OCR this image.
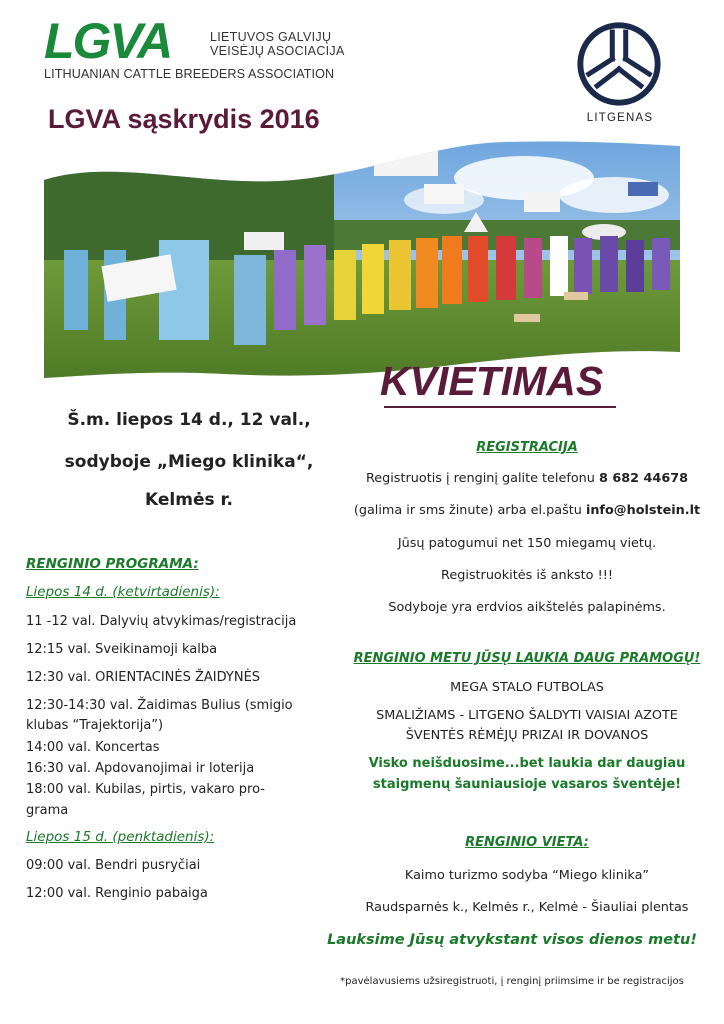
LGVA	LIETUVOS GALVIJŲ
VEISĖJŲ ASOCIACIJA
LITHUANIAN CATTLE BREEDERS ASSOCIATION
LITGENAS
LGVA sąskrydis 2016
KVIETIMAS
Š.m. liepos 14 d., 12 val.,
sodyboje „Miego klinika“,
Kelmės r.
RENGINIO PROGRAMA:
Liepos 14 d. (ketvirtadienis):
11 -12 val. Dalyvių atvykimas/registracija
12:15 val. Sveikinamoji kalba
12:30 val. ORIENTACINĖS ŽAIDYNĖS
12:30-14:30 val. Žaidimas Bulius (smigio
klubas “Trajektorija”)
14:00 val. Koncertas
16:30 val. Apdovanojimai ir loterija
18:00 val. Kubilas, pirtis, vakaro pro-
grama
Liepos 15 d. (penktadienis):
09:00 val. Bendri pusryčiai
12:00 val. Renginio pabaiga
REGISTRACIJA
Registruotis į renginį galite telefonu 8 682 44678
(galima ir sms žinute) arba el.paštu info@holstein.lt
Jūsų patogumui net 150 miegamų vietų.
Registruokitės iš anksto !!!
Sodyboje yra erdvios aikštelės palapinėms.
RENGINIO METU JŪSŲ LAUKIA DAUG PRAMOGŲ!
MEGA STALO FUTBOLAS
SMALIŽIAMS - LITGENO ŠALDYTI VAISIAI AZOTE
ŠVENTĖS RĖMĖJŲ PRIZAI IR DOVANOS
Visko neišduosime...bet laukia dar daugiau
staigmenų šauniausioje vasaros šventėje!
RENGINIO VIETA:
Kaimo turizmo sodyba “Miego klinika”
Raudsparnės k., Kelmės r., Kelmė - Šiauliai plentas
Lauksime Jūsų atvykstant visos dienos metu!
*pavėlavusiems užsiregistruoti, į renginį priimsime ir be registracijos
